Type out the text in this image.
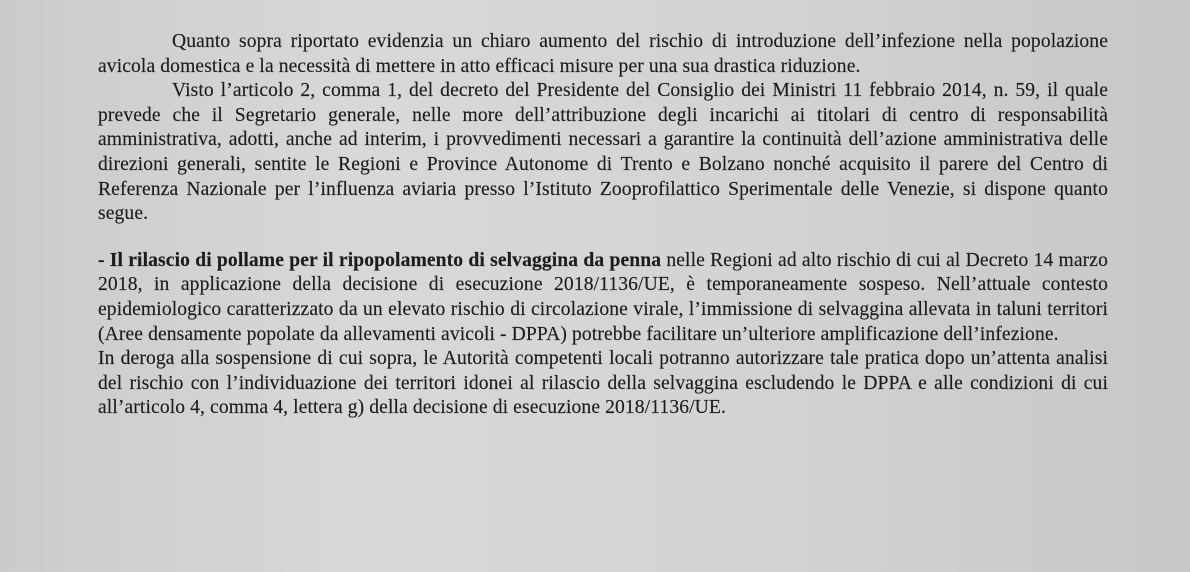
Quanto sopra riportato evidenzia un chiaro aumento del rischio di introduzione dell’infezione nella popolazione avicola domestica e la necessità di mettere in atto efficaci misure per una sua drastica riduzione.

Visto l’articolo 2, comma 1, del decreto del Presidente del Consiglio dei Ministri 11 febbraio 2014, n. 59, il quale prevede che il Segretario generale, nelle more dell’attribuzione degli incarichi ai titolari di centro di responsabilità amministrativa, adotti, anche ad interim, i provvedimenti necessari a garantire la continuità dell’azione amministrativa delle direzioni generali, sentite le Regioni e Province Autonome di Trento e Bolzano nonché acquisito il parere del Centro di Referenza Nazionale per l’influenza aviaria presso l’Istituto Zooprofilattico Sperimentale delle Venezie, si dispone quanto segue.

- Il rilascio di pollame per il ripopolamento di selvaggina da penna nelle Regioni ad alto rischio di cui al Decreto 14 marzo 2018, in applicazione della decisione di esecuzione 2018/1136/UE, è temporaneamente sospeso. Nell’attuale contesto epidemiologico caratterizzato da un elevato rischio di circolazione virale, l’immissione di selvaggina allevata in taluni territori (Aree densamente popolate da allevamenti avicoli - DPPA) potrebbe facilitare un’ulteriore amplificazione dell’infezione.

In deroga alla sospensione di cui sopra, le Autorità competenti locali potranno autorizzare tale pratica dopo un’attenta analisi del rischio con l’individuazione dei territori idonei al rilascio della selvaggina escludendo le DPPA e alle condizioni di cui all’articolo 4, comma 4, lettera g) della decisione di esecuzione 2018/1136/UE.
